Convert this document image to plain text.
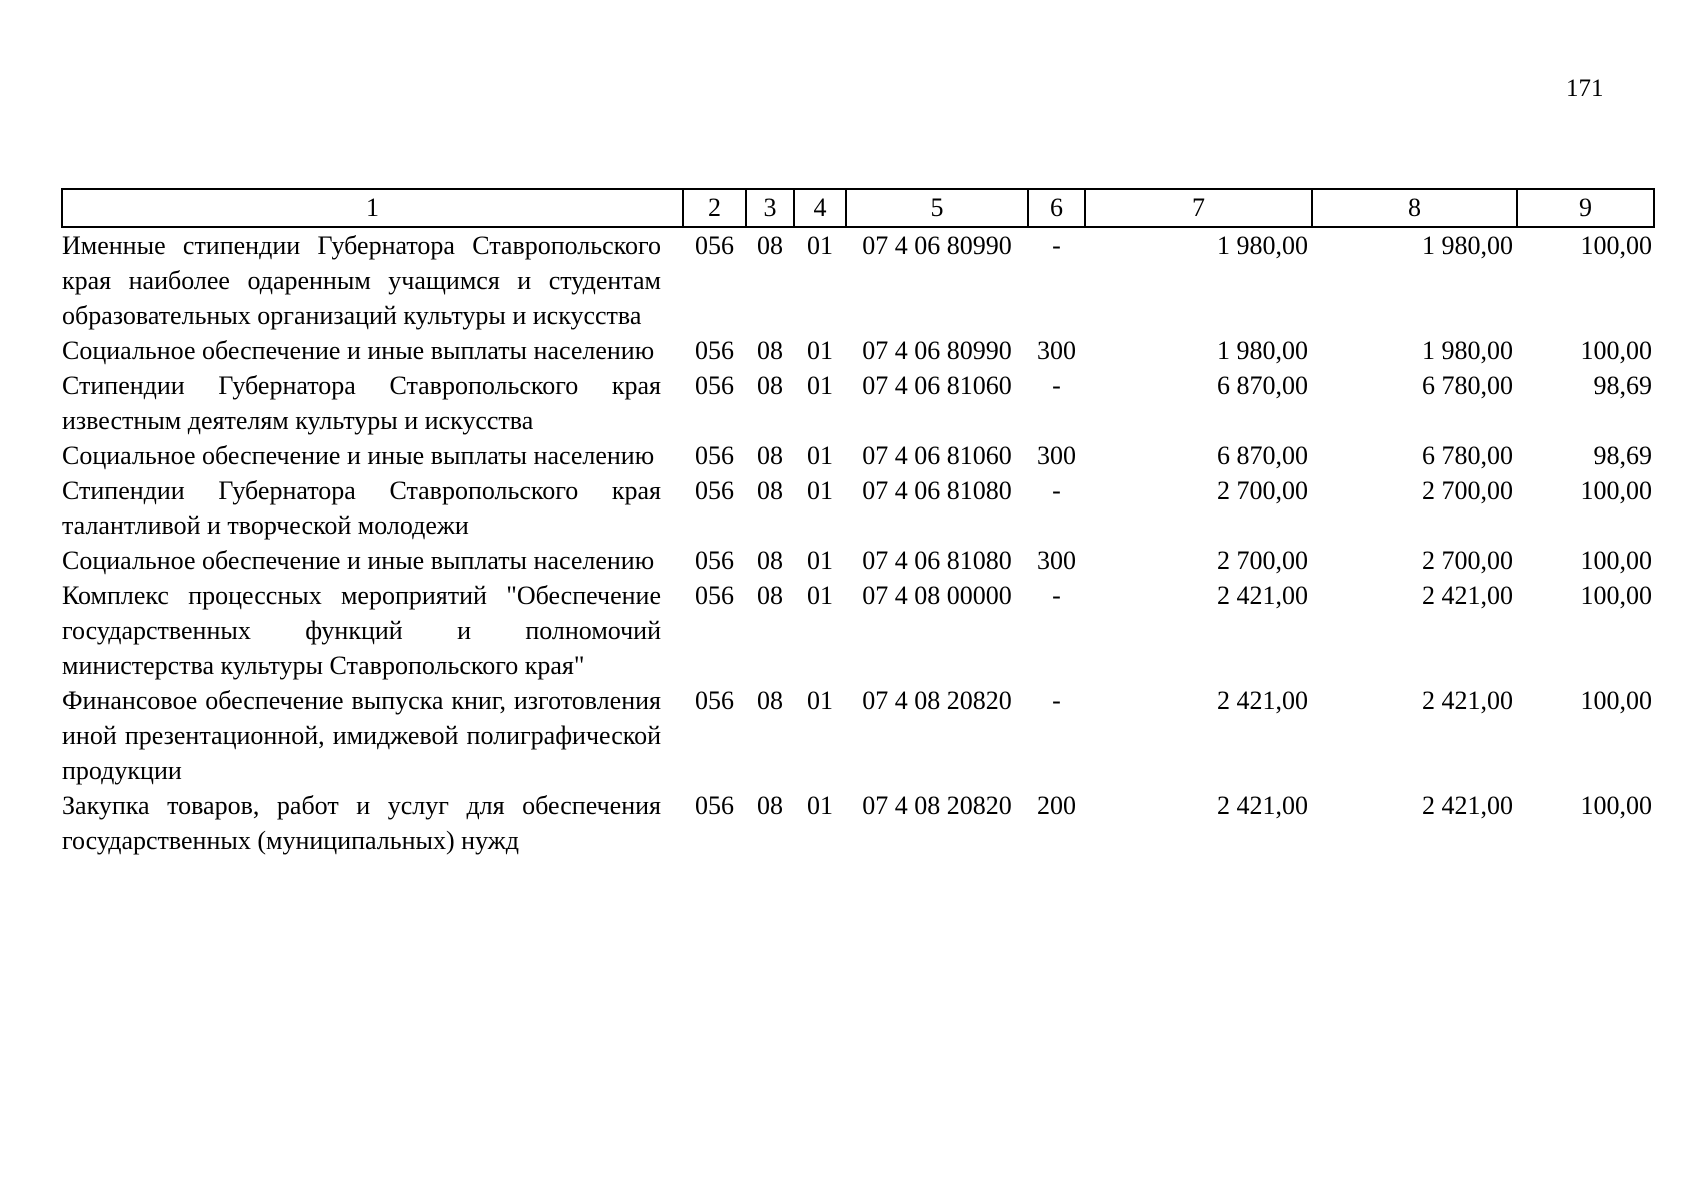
171
1	2	3	4	5	6	7	8	9
Именные стипендии Губернатора Ставропольского края наиболее одаренным учащимся и студентам образовательных организаций культуры и искусства	056	08	01	07 4 06 80990	-	1 980,00	1 980,00	100,00
Социальное обеспечение и иные выплаты населению	056	08	01	07 4 06 80990	300	1 980,00	1 980,00	100,00
Стипендии Губернатора Ставропольского края известным деятелям культуры и искусства	056	08	01	07 4 06 81060	-	6 870,00	6 780,00	98,69
Социальное обеспечение и иные выплаты населению	056	08	01	07 4 06 81060	300	6 870,00	6 780,00	98,69
Стипендии Губернатора Ставропольского края талантливой и творческой молодежи	056	08	01	07 4 06 81080	-	2 700,00	2 700,00	100,00
Социальное обеспечение и иные выплаты населению	056	08	01	07 4 06 81080	300	2 700,00	2 700,00	100,00
Комплекс процессных мероприятий "Обеспечение государственных функций и полномочий министерства культуры Ставропольского края"	056	08	01	07 4 08 00000	-	2 421,00	2 421,00	100,00
Финансовое обеспечение выпуска книг, изготовления иной презентационной, имиджевой полиграфической продукции	056	08	01	07 4 08 20820	-	2 421,00	2 421,00	100,00
Закупка товаров, работ и услуг для обеспечения государственных (муниципальных) нужд	056	08	01	07 4 08 20820	200	2 421,00	2 421,00	100,00
